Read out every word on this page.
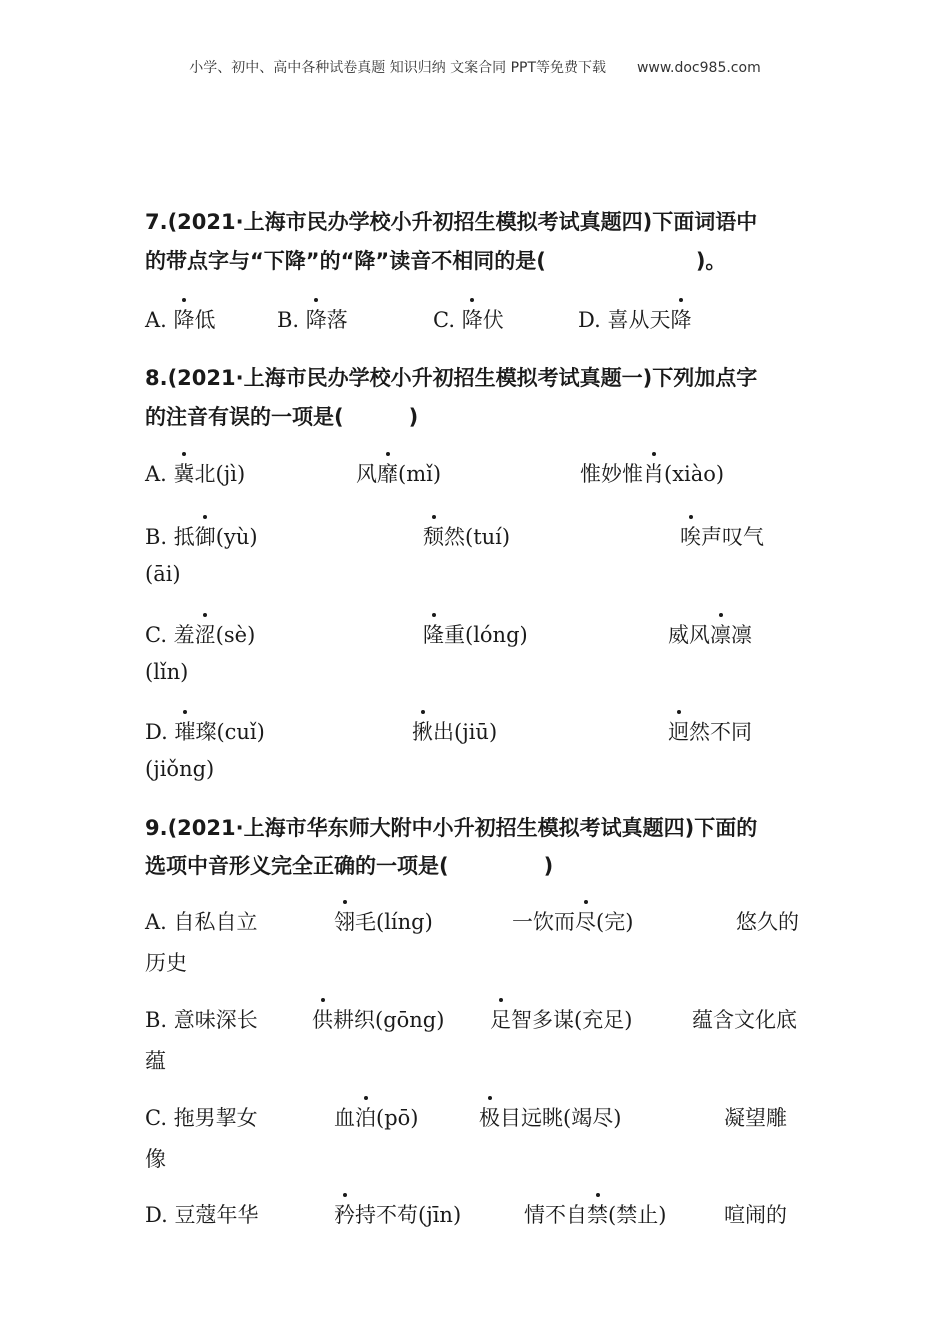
小学、初中、高中各种试卷真题 知识归纳 文案合同 PPT等免费下载 www.doc985.com
7.(2021·上海市民办学校小升初招生模拟考试真题四)下面词语中
的带点字与“下降”的“降”读音不相同的是(	)。
A. 降低	B. 降落	C. 降伏	D. 喜从天降
8.(2021·上海市民办学校小升初招生模拟考试真题一)下列加点字
的注音有误的一项是(	)
A. 冀北(jì)	风靡(mǐ)	惟妙惟肖(xiào)
B. 抵御(yù)	颓然(tuí)	唉声叹气
(āi)
C. 羞涩(sè)	隆重(lóng)	威风凛凛
(lǐn)
D. 璀璨(cuǐ)	揪出(jiū)	迥然不同
(jiǒng)
9.(2021·上海市华东师大附中小升初招生模拟考试真题四)下面的
选项中音形义完全正确的一项是(	)
A. 自私自立	翎毛(líng)	一饮而尽(完)	悠久的
历史
B. 意味深长	供耕织(gōng) 足智多谋(充足)	蕴含文化底
蕴
C. 拖男挈女	血泊(pō)	极目远眺(竭尽)	凝望雕
像
D. 豆蔻年华	矜持不苟(jīn)	情不自禁(禁止)	喧闹的
